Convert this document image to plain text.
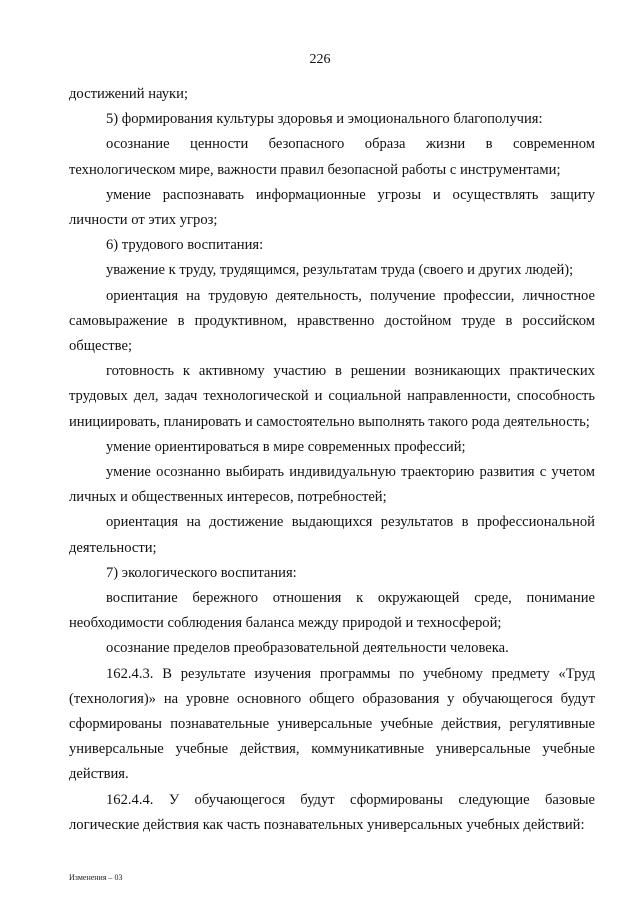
226

достижений науки;

5) формирования культуры здоровья и эмоционального благополучия:

осознание ценности безопасного образа жизни в современном технологическом мире, важности правил безопасной работы с инструментами;

умение распознавать информационные угрозы и осуществлять защиту личности от этих угроз;

6) трудового воспитания:

уважение к труду, трудящимся, результатам труда (своего и других людей);

ориентация на трудовую деятельность, получение профессии, личностное самовыражение в продуктивном, нравственно достойном труде в российском обществе;

готовность к активному участию в решении возникающих практических трудовых дел, задач технологической и социальной направленности, способность инициировать, планировать и самостоятельно выполнять такого рода деятельность;

умение ориентироваться в мире современных профессий;

умение осознанно выбирать индивидуальную траекторию развития с учетом личных и общественных интересов, потребностей;

ориентация на достижение выдающихся результатов в профессиональной деятельности;

7) экологического воспитания:

воспитание бережного отношения к окружающей среде, понимание необходимости соблюдения баланса между природой и техносферой;

осознание пределов преобразовательной деятельности человека.

162.4.3. В результате изучения программы по учебному предмету «Труд (технология)» на уровне основного общего образования у обучающегося будут сформированы познавательные универсальные учебные действия, регулятивные универсальные учебные действия, коммуникативные универсальные учебные действия.

162.4.4. У обучающегося будут сформированы следующие базовые логические действия как часть познавательных универсальных учебных действий:

Изменения – 03
